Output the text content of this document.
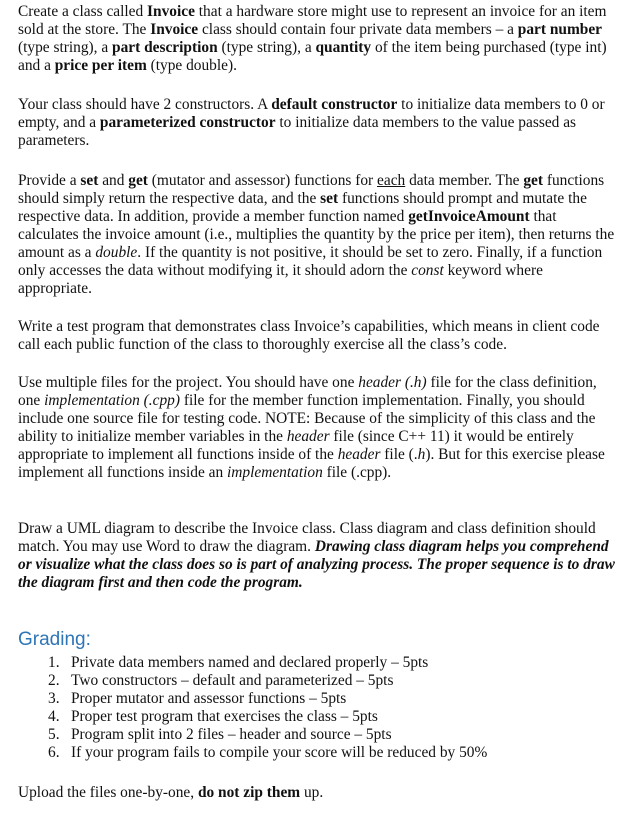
Create a class called Invoice that a hardware store might use to represent an invoice for an item sold at the store. The Invoice class should contain four private data members – a part number (type string), a part description (type string), a quantity of the item being purchased (type int) and a price per item (type double).

Your class should have 2 constructors. A default constructor to initialize data members to 0 or empty, and a parameterized constructor to initialize data members to the value passed as parameters.

Provide a set and get (mutator and assessor) functions for each data member. The get functions should simply return the respective data, and the set functions should prompt and mutate the respective data. In addition, provide a member function named getInvoiceAmount that calculates the invoice amount (i.e., multiplies the quantity by the price per item), then returns the amount as a double. If the quantity is not positive, it should be set to zero. Finally, if a function only accesses the data without modifying it, it should adorn the const keyword where appropriate.

Write a test program that demonstrates class Invoice’s capabilities, which means in client code call each public function of the class to thoroughly exercise all the class’s code.

Use multiple files for the project. You should have one header (.h) file for the class definition, one implementation (.cpp) file for the member function implementation. Finally, you should include one source file for testing code. NOTE: Because of the simplicity of this class and the ability to initialize member variables in the header file (since C++ 11) it would be entirely appropriate to implement all functions inside of the header file (.h). But for this exercise please implement all functions inside an implementation file (.cpp).

Draw a UML diagram to describe the Invoice class. Class diagram and class definition should match. You may use Word to draw the diagram. Drawing class diagram helps you comprehend or visualize what the class does so is part of analyzing process. The proper sequence is to draw the diagram first and then code the program.

Grading:
1. Private data members named and declared properly – 5pts
2. Two constructors – default and parameterized – 5pts
3. Proper mutator and assessor functions – 5pts
4. Proper test program that exercises the class – 5pts
5. Program split into 2 files – header and source – 5pts
6. If your program fails to compile your score will be reduced by 50%

Upload the files one-by-one, do not zip them up.
